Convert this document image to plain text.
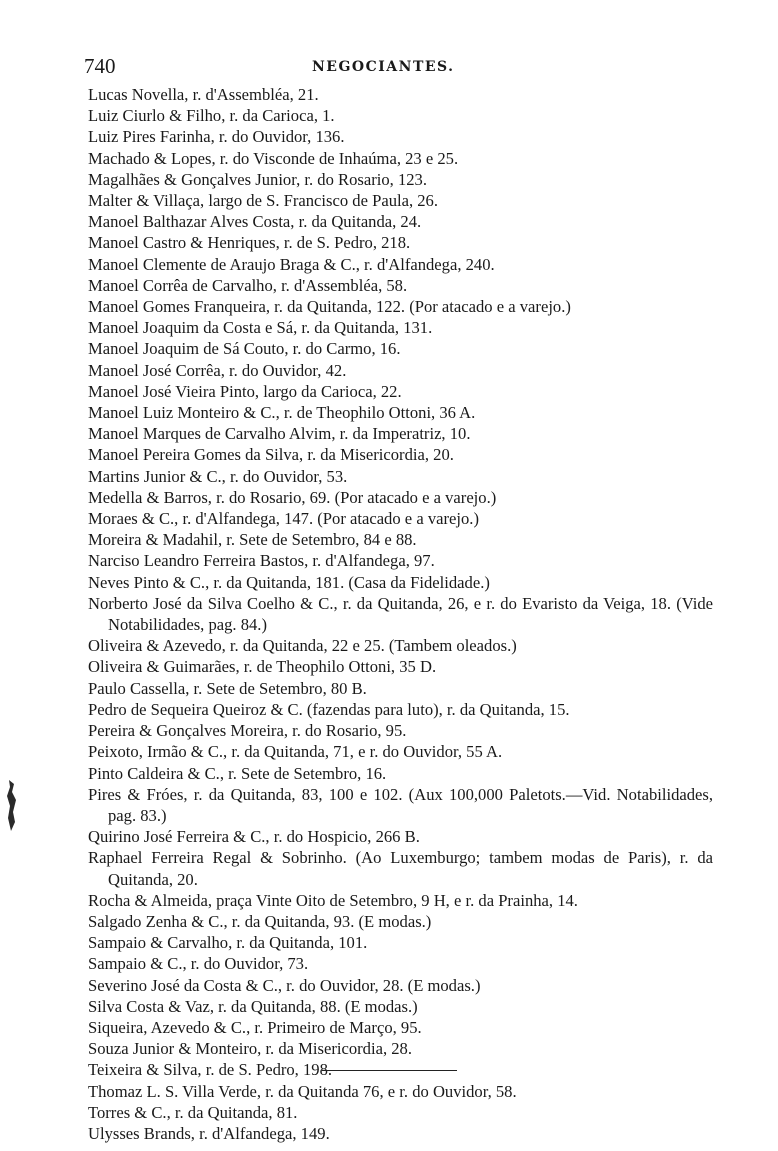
740	NEGOCIANTES.
Lucas Novella, r. d'Assembléa, 21.
Luiz Ciurlo & Filho, r. da Carioca, 1.
Luiz Pires Farinha, r. do Ouvidor, 136.
Machado & Lopes, r. do Visconde de Inhaúma, 23 e 25.
Magalhães & Gonçalves Junior, r. do Rosario, 123.
Malter & Villaça, largo de S. Francisco de Paula, 26.
Manoel Balthazar Alves Costa, r. da Quitanda, 24.
Manoel Castro & Henriques, r. de S. Pedro, 218.
Manoel Clemente de Araujo Braga & C., r. d'Alfandega, 240.
Manoel Corrêa de Carvalho, r. d'Assembléa, 58.
Manoel Gomes Franqueira, r. da Quitanda, 122. (Por atacado e a varejo.)
Manoel Joaquim da Costa e Sá, r. da Quitanda, 131.
Manoel Joaquim de Sá Couto, r. do Carmo, 16.
Manoel José Corrêa, r. do Ouvidor, 42.
Manoel José Vieira Pinto, largo da Carioca, 22.
Manoel Luiz Monteiro & C., r. de Theophilo Ottoni, 36 A.
Manoel Marques de Carvalho Alvim, r. da Imperatriz, 10.
Manoel Pereira Gomes da Silva, r. da Misericordia, 20.
Martins Junior & C., r. do Ouvidor, 53.
Medella & Barros, r. do Rosario, 69. (Por atacado e a varejo.)
Moraes & C., r. d'Alfandega, 147. (Por atacado e a varejo.)
Moreira & Madahil, r. Sete de Setembro, 84 e 88.
Narciso Leandro Ferreira Bastos, r. d'Alfandega, 97.
Neves Pinto & C., r. da Quitanda, 181. (Casa da Fidelidade.)
Norberto José da Silva Coelho & C., r. da Quitanda, 26, e r. do Evaristo da Veiga, 18. (Vide Notabilidades, pag. 84.)
Oliveira & Azevedo, r. da Quitanda, 22 e 25. (Tambem oleados.)
Oliveira & Guimarães, r. de Theophilo Ottoni, 35 D.
Paulo Cassella, r. Sete de Setembro, 80 B.
Pedro de Sequeira Queiroz & C. (fazendas para luto), r. da Quitanda, 15.
Pereira & Gonçalves Moreira, r. do Rosario, 95.
Peixoto, Irmão & C., r. da Quitanda, 71, e r. do Ouvidor, 55 A.
Pinto Caldeira & C., r. Sete de Setembro, 16.
Pires & Fróes, r. da Quitanda, 83, 100 e 102. (Aux 100,000 Paletots.—Vid. Notabilidades, pag. 83.)
Quirino José Ferreira & C., r. do Hospicio, 266 B.
Raphael Ferreira Regal & Sobrinho. (Ao Luxemburgo; tambem modas de Paris), r. da Quitanda, 20.
Rocha & Almeida, praça Vinte Oito de Setembro, 9 H, e r. da Prainha, 14.
Salgado Zenha & C., r. da Quitanda, 93. (E modas.)
Sampaio & Carvalho, r. da Quitanda, 101.
Sampaio & C., r. do Ouvidor, 73.
Severino José da Costa & C., r. do Ouvidor, 28. (E modas.)
Silva Costa & Vaz, r. da Quitanda, 88. (E modas.)
Siqueira, Azevedo & C., r. Primeiro de Março, 95.
Souza Junior & Monteiro, r. da Misericordia, 28.
Teixeira & Silva, r. de S. Pedro, 198.
Thomaz L. S. Villa Verde, r. da Quitanda 76, e r. do Ouvidor, 58.
Torres & C., r. da Quitanda, 81.
Ulysses Brands, r. d'Alfandega, 149.
